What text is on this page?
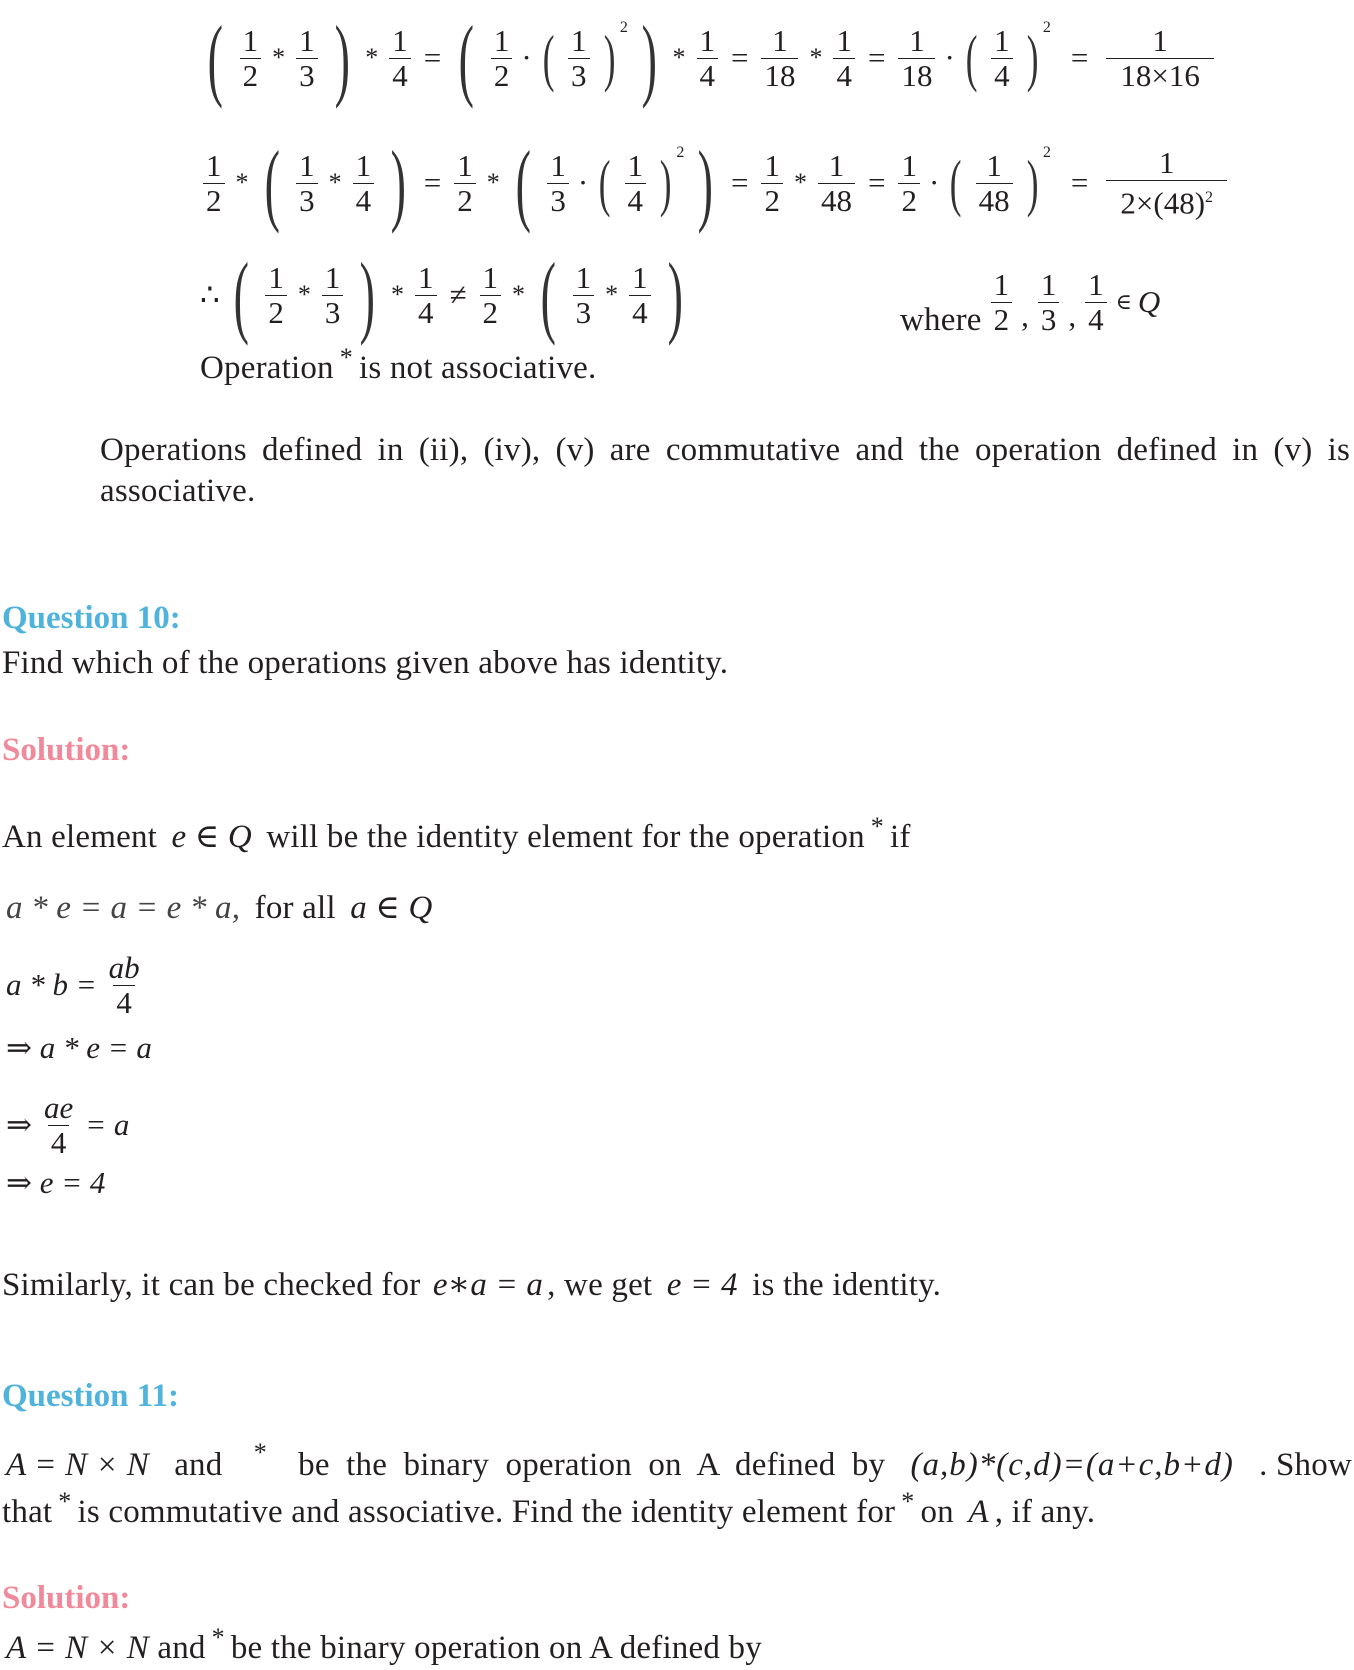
( $\frac{1}{2} * \frac{1}{3}$ ) * $\frac{1}{4}$ = ( $\frac{1}{2}$ · ( $\frac{1}{3}$ ) 2 ) * $\frac{1}{4} = \frac{1}{18} * \frac{1}{4} = \frac{1}{18}$ · ( $\frac{1}{4}$ ) 2
= $\frac{1}{18\times 16}$
$\frac{1}{2}$ * ( $\frac{1}{3} * \frac{1}{4}$ ) = $\frac{1}{2}$ * ( $\frac{1}{3}$ · ( $\frac{1}{4}$ ) 2 ) = $\frac{1}{2} * \frac{1}{48} = \frac{1}{2}$ · ( $\frac{1}{48}$ ) 2
= $\frac{1}{2\times(48)^2}$
∴ ( $\frac{1}{2} * \frac{1}{3}$ ) * $\frac{1}{4} \ne \frac{1}{2}$ * ( $\frac{1}{3} * \frac{1}{4}$ )	where $\frac{1}{2}$ , $\frac{1}{3}$ , $\frac{1}{4}$ ∈ Q
Operation * is not associative.
Operations defined in (ii), (iv), (v) are commutative and the operation defined in (v) is associative.
Question 10:
Find which of the operations given above has identity.
Solution:
An element e ∈ Q will be the identity element for the operation * if
a * e = a = e * a, for all a ∈ Q
$a * b = \frac{ab}{4}$
⇒ a * e = a
⇒ $\frac{ae}{4} = a$
⇒ e = 4
Similarly, it can be checked for e∗a = a , we get e = 4 is the identity.
Question 11:
A = N × N and * be the binary operation on A defined by (a,b)*(c,d)=(a+c,b+d) . Show
that * is commutative and associative. Find the identity element for * on A , if any.
Solution:
A = N × N and * be the binary operation on A defined by
